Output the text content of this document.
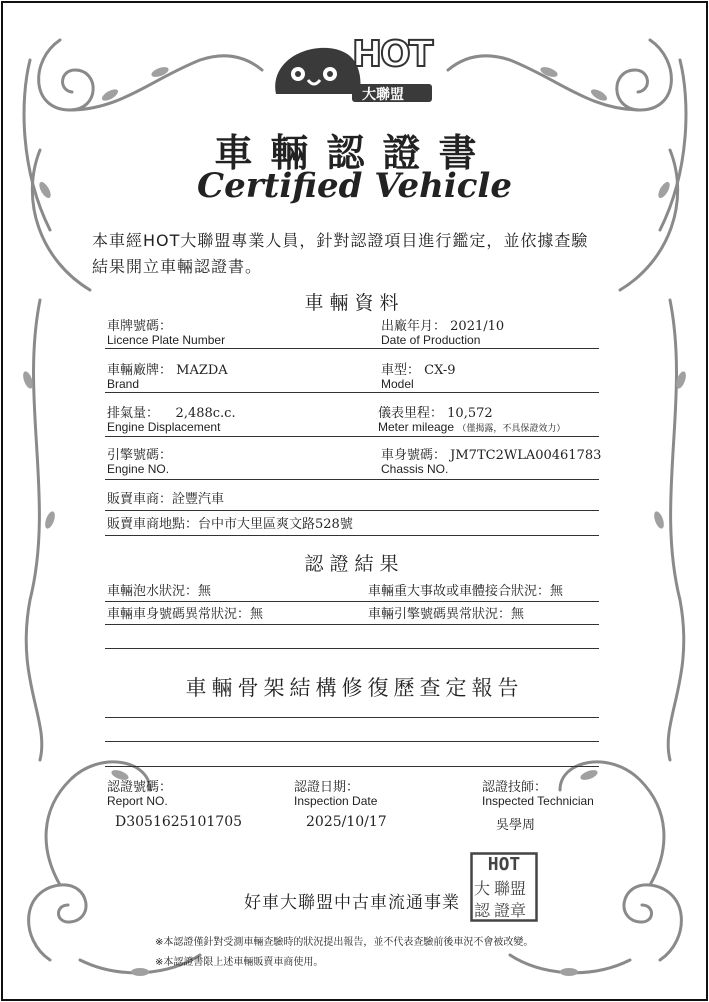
HOT
大聯盟
車輛認證書
Certified Vehicle
本車經HOT大聯盟專業人員，針對認證項目進行鑑定，並依據查驗
結果開立車輛認證書。
車輛資料
車牌號碼：
Licence Plate Number
出廠年月： 2021/10
Date of Production
車輛廠牌： MAZDA
Brand
車型： CX-9
Model
排氣量： 2,488c.c.
Engine Displacement
儀表里程： 10,572
Meter mileage （僅揭露，不具保證效力）
引擎號碼：
Engine NO.
車身號碼： JM7TC2WLA00461783
Chassis NO.
販賣車商：詮豐汽車
販賣車商地點：台中市大里區爽文路528號
認證結果
車輛泡水狀況：無	車輛重大事故或車體接合狀況：無
車輛車身號碼異常狀況：無	車輛引擎號碼異常狀況：無
車輛骨架結構修復歷查定報告
認證號碼：
Report NO.
D3051625101705
認證日期：
Inspection Date
2025/10/17
認證技師：
Inspected Technician
吳學周
好車大聯盟中古車流通事業
HOT
大 聯盟
認 證章
※本認證僅針對受測車輛查驗時的狀況提出報告，並不代表查驗前後車況不會被改變。
※本認證書限上述車輛販賣車商使用。
